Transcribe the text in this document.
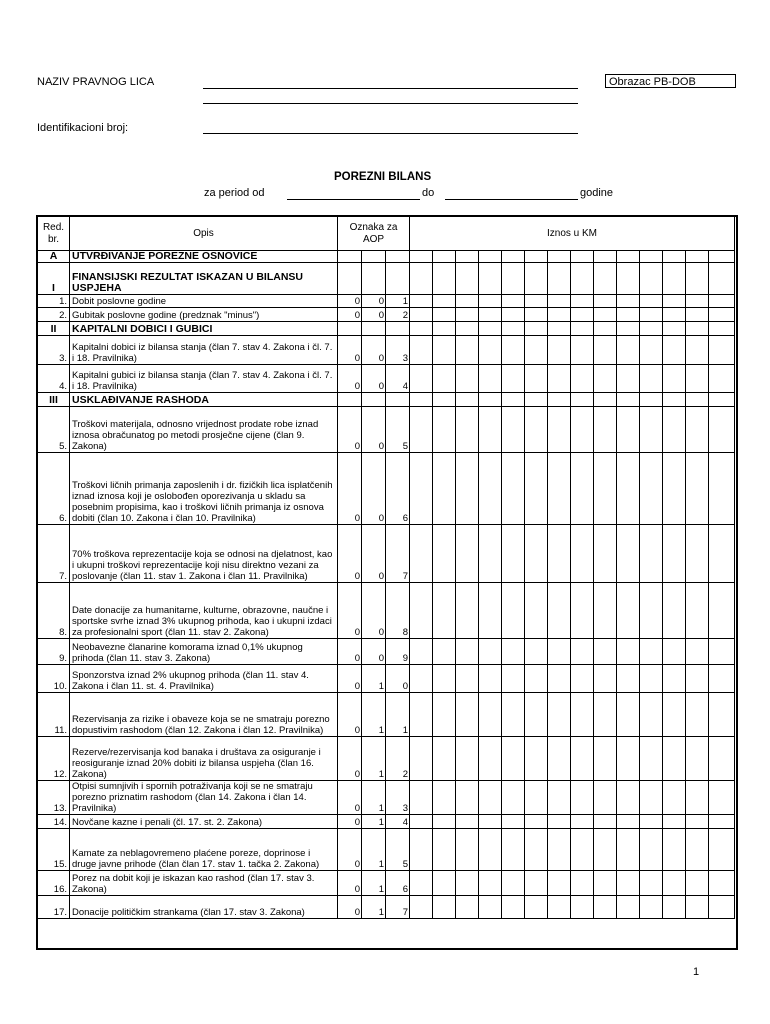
NAZIV PRAVNOG LICA	Obrazac PB-DOB
Identifikacioni broj:
POREZNI BILANS
za period od	do	godine
Red. br.	Opis	Oznaka za AOP			Iznos u KM													
A	UTVRĐIVANJE POREZNE OSNOVICE																	
I	FINANSIJSKI REZULTAT ISKAZAN U BILANSU USPJEHA																	
1.	Dobit poslovne godine	0	0	1														
2.	Gubitak poslovne godine (predznak "minus")	0	0	2														
II	KAPITALNI DOBICI I GUBICI																	
3.	Kapitalni dobici iz bilansa stanja (član 7. stav 4. Zakona i čl. 7. i 18. Pravilnika)	0	0	3														
4.	Kapitalni gubici iz bilansa stanja (član 7. stav 4. Zakona i čl. 7. i 18. Pravilnika)	0	0	4														
III	USKLAĐIVANJE RASHODA																	
5.	Troškovi materijala, odnosno vrijednost prodate robe iznad iznosa obračunatog po metodi prosječne cijene (član 9. Zakona)	0	0	5														
6.	Troškovi ličnih primanja zaposlenih i dr. fizičkih lica isplatčenih iznad iznosa koji je oslobođen oporezivanja u skladu sa posebnim propisima, kao i troškovi ličnih primanja iz osnova dobiti (član 10. Zakona i član 10. Pravilnika)	0	0	6														
7.	70% troškova reprezentacije koja se odnosi na djelatnost, kao i ukupni troškovi reprezentacije koji nisu direktno vezani za poslovanje (član 11. stav 1. Zakona i član 11. Pravilnika)	0	0	7														
8.	Date donacije za humanitarne, kulturne, obrazovne, naučne i sportske svrhe iznad 3% ukupnog prihoda, kao i ukupni izdaci za profesionalni sport (član 11. stav 2. Zakona)	0	0	8														
9.	Neobavezne članarine komorama iznad 0,1% ukupnog prihoda (član 11. stav 3. Zakona)	0	0	9														
10.	Sponzorstva iznad 2% ukupnog prihoda (član 11. stav 4. Zakona i član 11. st. 4. Pravilnika)	0	1	0														
11.	Rezervisanja za rizike i obaveze koja se ne smatraju porezno dopustivim rashodom (član 12. Zakona i član 12. Pravilnika)	0	1	1														
12.	Rezerve/rezervisanja kod banaka i društava za osiguranje i reosiguranje iznad 20% dobiti iz bilansa uspjeha (član 16. Zakona)	0	1	2														
13.	Otpisi sumnjivih i spornih potraživanja koji se ne smatraju porezno priznatim rashodom (član 14. Zakona i član 14. Pravilnika)	0	1	3														
14.	Novčane kazne i penali (čl. 17. st. 2. Zakona)	0	1	4														
15.	Kamate za neblagovremeno plaćene poreze, doprinose i druge javne prihode (član član 17. stav 1. tačka 2. Zakona)	0	1	5														
16.	Porez na dobit koji je iskazan kao rashod (član 17. stav 3. Zakona)	0	1	6														
17.	Donacije političkim strankama (član 17. stav 3. Zakona)	0	1	7														
1
